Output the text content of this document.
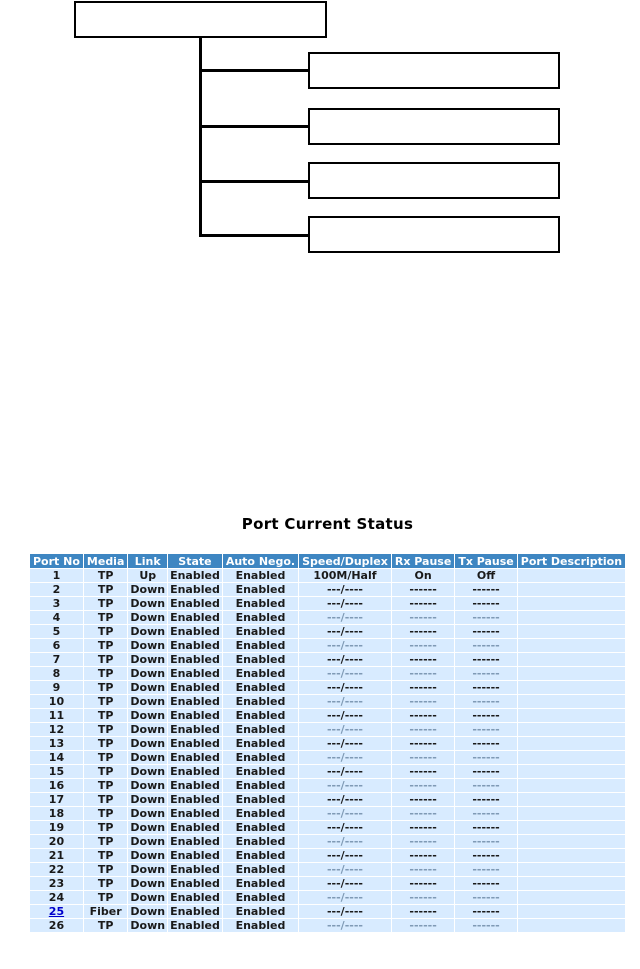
Port Current Status
Port No	Media	Link	State	Auto Nego.	Speed/Duplex	Rx Pause	Tx Pause	Port Description
1	TP	Up	Enabled	Enabled	100M/Half	On	Off	
2	TP	Down	Enabled	Enabled	---/----	------	------	
3	TP	Down	Enabled	Enabled	---/----	------	------	
4	TP	Down	Enabled	Enabled	---/----	------	------	
5	TP	Down	Enabled	Enabled	---/----	------	------	
6	TP	Down	Enabled	Enabled	---/----	------	------	
7	TP	Down	Enabled	Enabled	---/----	------	------	
8	TP	Down	Enabled	Enabled	---/----	------	------	
9	TP	Down	Enabled	Enabled	---/----	------	------	
10	TP	Down	Enabled	Enabled	---/----	------	------	
11	TP	Down	Enabled	Enabled	---/----	------	------	
12	TP	Down	Enabled	Enabled	---/----	------	------	
13	TP	Down	Enabled	Enabled	---/----	------	------	
14	TP	Down	Enabled	Enabled	---/----	------	------	
15	TP	Down	Enabled	Enabled	---/----	------	------	
16	TP	Down	Enabled	Enabled	---/----	------	------	
17	TP	Down	Enabled	Enabled	---/----	------	------	
18	TP	Down	Enabled	Enabled	---/----	------	------	
19	TP	Down	Enabled	Enabled	---/----	------	------	
20	TP	Down	Enabled	Enabled	---/----	------	------	
21	TP	Down	Enabled	Enabled	---/----	------	------	
22	TP	Down	Enabled	Enabled	---/----	------	------	
23	TP	Down	Enabled	Enabled	---/----	------	------	
24	TP	Down	Enabled	Enabled	---/----	------	------	
25	Fiber	Down	Enabled	Enabled	---/----	------	------	
26	TP	Down	Enabled	Enabled	---/----	------	------	
